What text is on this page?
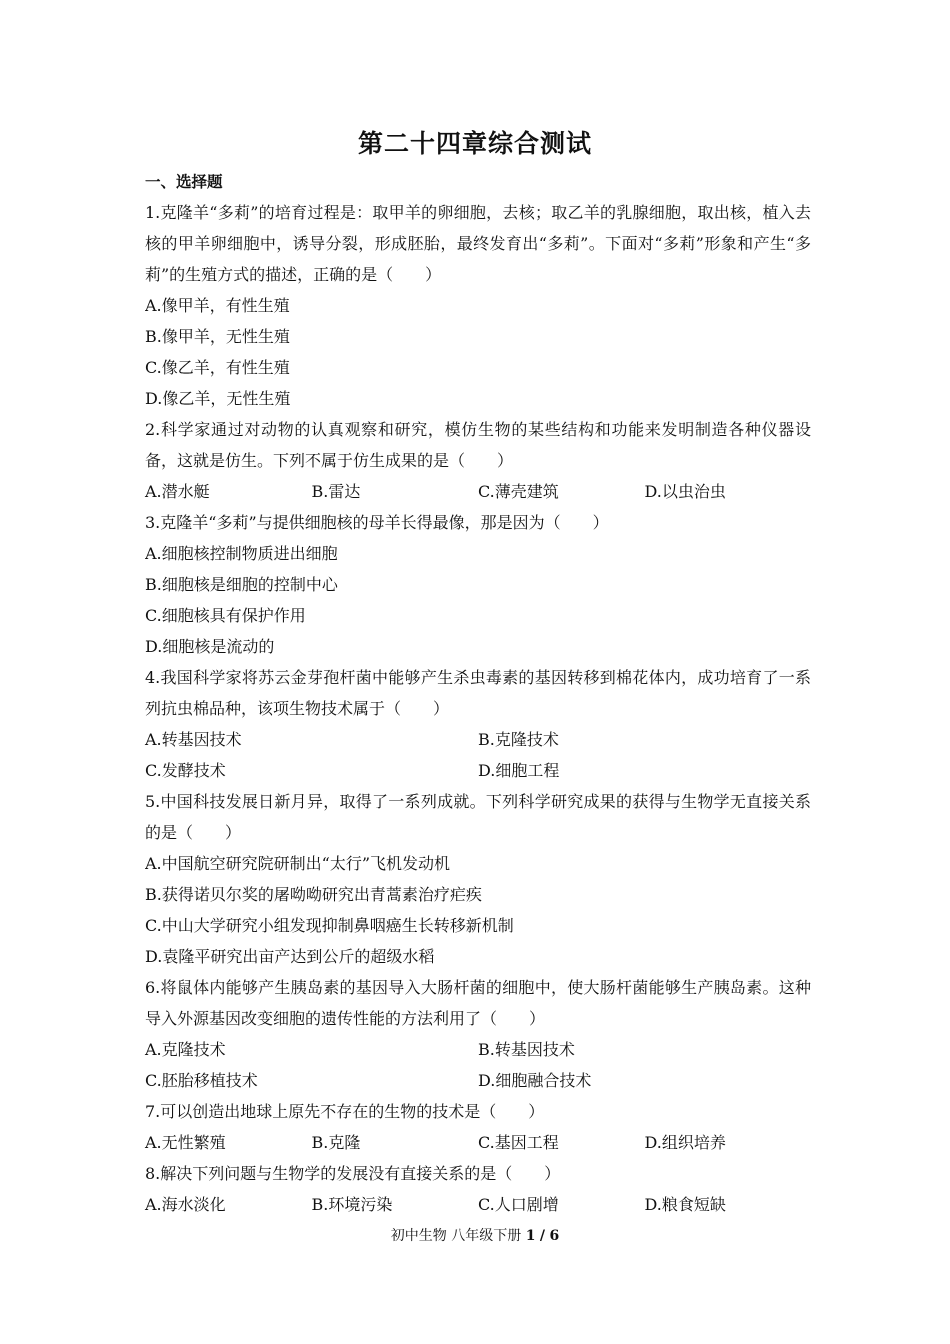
第二十四章综合测试
一、选择题
1.克隆羊“多莉”的培育过程是：取甲羊的卵细胞，去核；取乙羊的乳腺细胞，取出核，植入去核的甲羊卵细胞中，诱导分裂，形成胚胎，最终发育出“多莉”。下面对“多莉”形象和产生“多莉”的生殖方式的描述，正确的是（　　）
A.像甲羊，有性生殖
B.像甲羊，无性生殖
C.像乙羊，有性生殖
D.像乙羊，无性生殖
2.科学家通过对动物的认真观察和研究，模仿生物的某些结构和功能来发明制造各种仪器设备，这就是仿生。下列不属于仿生成果的是（　　）
A.潜水艇	B.雷达	C.薄壳建筑	D.以虫治虫
3.克隆羊“多莉”与提供细胞核的母羊长得最像，那是因为（　　）
A.细胞核控制物质进出细胞
B.细胞核是细胞的控制中心
C.细胞核具有保护作用
D.细胞核是流动的
4.我国科学家将苏云金芽孢杆菌中能够产生杀虫毒素的基因转移到棉花体内，成功培育了一系列抗虫棉品种，该项生物技术属于（　　）
A.转基因技术	B.克隆技术
C.发酵技术	D.细胞工程
5.中国科技发展日新月异，取得了一系列成就。下列科学研究成果的获得与生物学无直接关系的是（　　）
A.中国航空研究院研制出“太行”飞机发动机
B.获得诺贝尔奖的屠呦呦研究出青蒿素治疗疟疾
C.中山大学研究小组发现抑制鼻咽癌生长转移新机制
D.袁隆平研究出亩产达到公斤的超级水稻
6.将鼠体内能够产生胰岛素的基因导入大肠杆菌的细胞中，使大肠杆菌能够生产胰岛素。这种导入外源基因改变细胞的遗传性能的方法利用了（　　）
A.克隆技术	B.转基因技术
C.胚胎移植技术	D.细胞融合技术
7.可以创造出地球上原先不存在的生物的技术是（　　）
A.无性繁殖	B.克隆	C.基因工程	D.组织培养
8.解决下列问题与生物学的发展没有直接关系的是（　　）
A.海水淡化	B.环境污染	C.人口剧增	D.粮食短缺
初中生物 八年级下册 1 / 6
